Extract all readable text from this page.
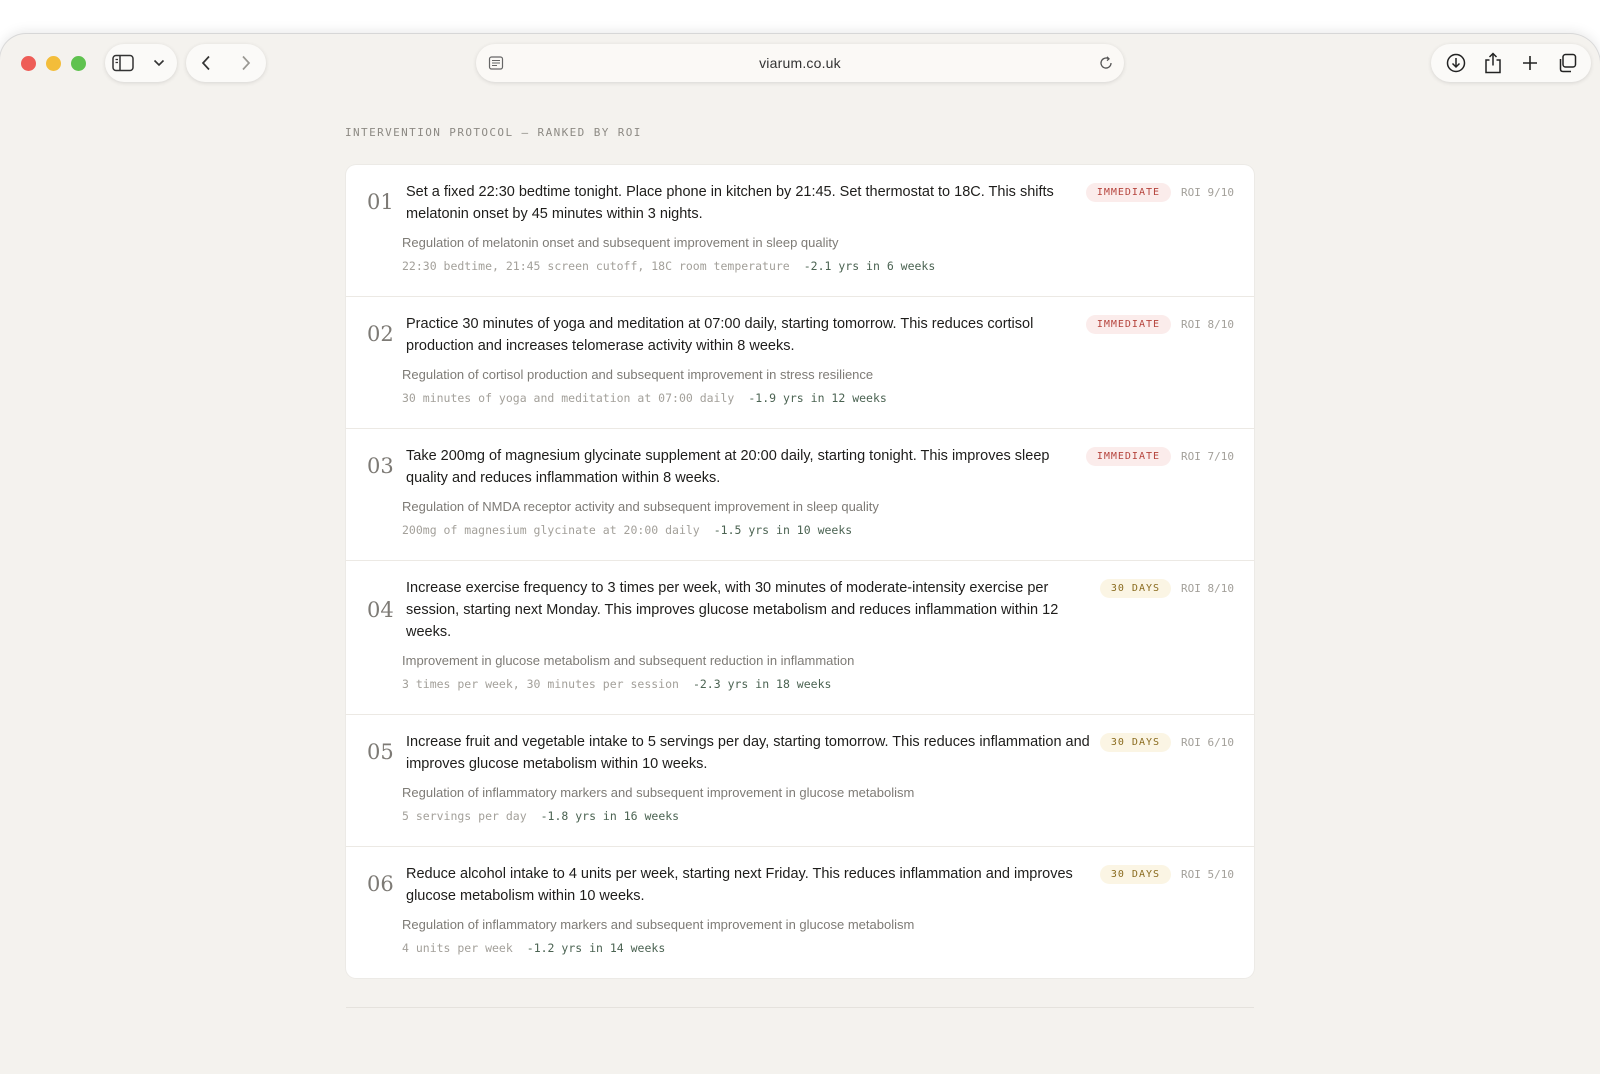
viarum.co.uk
INTERVENTION PROTOCOL — RANKED BY ROI
01 Set a fixed 22:30 bedtime tonight. Place phone in kitchen by 21:45. Set thermostat to 18C. This shifts melatonin onset by 45 minutes within 3 nights.
Regulation of melatonin onset and subsequent improvement in sleep quality
22:30 bedtime, 21:45 screen cutoff, 18C room temperature -2.1 yrs in 6 weeks
IMMEDIATE	ROI 9/10
02 Practice 30 minutes of yoga and meditation at 07:00 daily, starting tomorrow. This reduces cortisol production and increases telomerase activity within 8 weeks.
Regulation of cortisol production and subsequent improvement in stress resilience
30 minutes of yoga and meditation at 07:00 daily -1.9 yrs in 12 weeks
IMMEDIATE	ROI 8/10
03 Take 200mg of magnesium glycinate supplement at 20:00 daily, starting tonight. This improves sleep quality and reduces inflammation within 8 weeks.
Regulation of NMDA receptor activity and subsequent improvement in sleep quality
200mg of magnesium glycinate at 20:00 daily -1.5 yrs in 10 weeks
IMMEDIATE	ROI 7/10
04
Increase exercise frequency to 3 times per week, with 30 minutes of moderate-intensity exercise per session, starting next Monday. This improves glucose metabolism and reduces inflammation within 12 weeks.
Improvement in glucose metabolism and subsequent reduction in inflammation
3 times per week, 30 minutes per session -2.3 yrs in 18 weeks
30 DAYS	ROI 8/10
05 Increase fruit and vegetable intake to 5 servings per day, starting tomorrow. This reduces inflammation and improves glucose metabolism within 10 weeks.
Regulation of inflammatory markers and subsequent improvement in glucose metabolism
5 servings per day -1.8 yrs in 16 weeks
30 DAYS	ROI 6/10
06 Reduce alcohol intake to 4 units per week, starting next Friday. This reduces inflammation and improves glucose metabolism within 10 weeks.
Regulation of inflammatory markers and subsequent improvement in glucose metabolism
4 units per week -1.2 yrs in 14 weeks
30 DAYS	ROI 5/10
